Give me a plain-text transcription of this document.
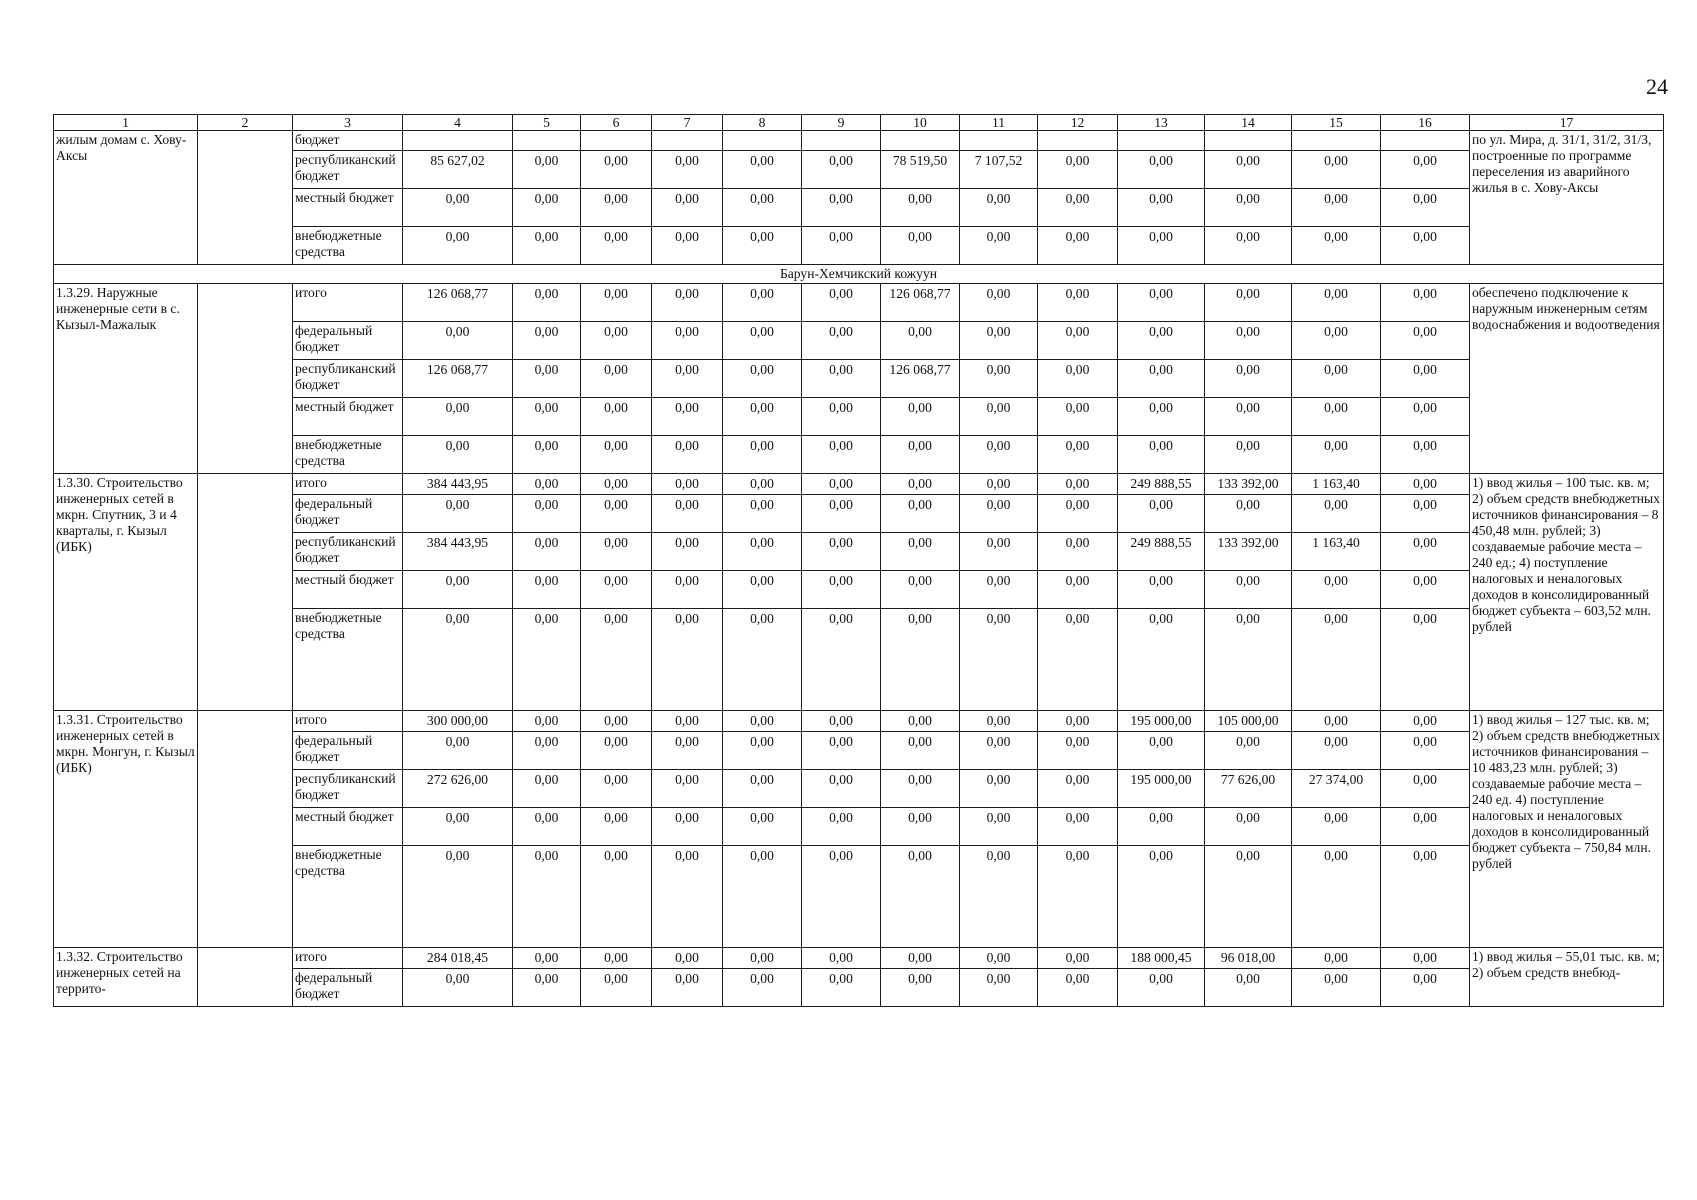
24
1	2	3	4	5	6	7	8	9	10	11	12	13	14	15	16	17
жилым домам с. Хову-Аксы		бюджет														по ул. Мира, д. 31/1, 31/2, 31/3, построенные по программе переселения из аварийного жилья в с. Хову-Аксы
		республиканский бюджет	85 627,02	0,00	0,00	0,00	0,00	0,00	78 519,50	7 107,52	0,00	0,00	0,00	0,00	0,00	
		местный бюджет	0,00	0,00	0,00	0,00	0,00	0,00	0,00	0,00	0,00	0,00	0,00	0,00	0,00	
		внебюджетные средства	0,00	0,00	0,00	0,00	0,00	0,00	0,00	0,00	0,00	0,00	0,00	0,00	0,00	
Барун-Хемчикский кожуун																
1.3.29. Наружные инженерные сети в с. Кызыл-Мажалык		итого	126 068,77	0,00	0,00	0,00	0,00	0,00	126 068,77	0,00	0,00	0,00	0,00	0,00	0,00	обеспечено подключение к наружным инженерным сетям водоснабжения и водоотведения
		федеральный бюджет	0,00	0,00	0,00	0,00	0,00	0,00	0,00	0,00	0,00	0,00	0,00	0,00	0,00	
		республиканский бюджет	126 068,77	0,00	0,00	0,00	0,00	0,00	126 068,77	0,00	0,00	0,00	0,00	0,00	0,00	
		местный бюджет	0,00	0,00	0,00	0,00	0,00	0,00	0,00	0,00	0,00	0,00	0,00	0,00	0,00	
		внебюджетные средства	0,00	0,00	0,00	0,00	0,00	0,00	0,00	0,00	0,00	0,00	0,00	0,00	0,00	
1.3.30. Строительство инженерных сетей в мкрн. Спутник, 3 и 4 кварталы, г. Кызыл (ИБК)		итого	384 443,95	0,00	0,00	0,00	0,00	0,00	0,00	0,00	0,00	249 888,55	133 392,00	1 163,40	0,00	1) ввод жилья – 100 тыс. кв. м; 2) объем средств внебюджетных источников финансирования – 8 450,48 млн. рублей; 3) создаваемые рабочие места – 240 ед.; 4) поступление налоговых и неналоговых доходов в консолидированный бюджет субъекта – 603,52 млн. рублей
		федеральный бюджет	0,00	0,00	0,00	0,00	0,00	0,00	0,00	0,00	0,00	0,00	0,00	0,00	0,00	
		республиканский бюджет	384 443,95	0,00	0,00	0,00	0,00	0,00	0,00	0,00	0,00	249 888,55	133 392,00	1 163,40	0,00	
		местный бюджет	0,00	0,00	0,00	0,00	0,00	0,00	0,00	0,00	0,00	0,00	0,00	0,00	0,00	
		внебюджетные средства	0,00	0,00	0,00	0,00	0,00	0,00	0,00	0,00	0,00	0,00	0,00	0,00	0,00	
1.3.31. Строительство инженерных сетей в мкрн. Монгун, г. Кызыл (ИБК)		итого	300 000,00	0,00	0,00	0,00	0,00	0,00	0,00	0,00	0,00	195 000,00	105 000,00	0,00	0,00	1) ввод жилья – 127 тыс. кв. м; 2) объем средств внебюджетных источников финансирования – 10 483,23 млн. рублей; 3) создаваемые рабочие места – 240 ед. 4) поступление налоговых и неналоговых доходов в консолидированный бюджет субъекта – 750,84 млн. рублей
		федеральный бюджет	0,00	0,00	0,00	0,00	0,00	0,00	0,00	0,00	0,00	0,00	0,00	0,00	0,00	
		республиканский бюджет	272 626,00	0,00	0,00	0,00	0,00	0,00	0,00	0,00	0,00	195 000,00	77 626,00	27 374,00	0,00	
		местный бюджет	0,00	0,00	0,00	0,00	0,00	0,00	0,00	0,00	0,00	0,00	0,00	0,00	0,00	
		внебюджетные средства	0,00	0,00	0,00	0,00	0,00	0,00	0,00	0,00	0,00	0,00	0,00	0,00	0,00	
1.3.32. Строительство инженерных сетей на террито-		итого	284 018,45	0,00	0,00	0,00	0,00	0,00	0,00	0,00	0,00	188 000,45	96 018,00	0,00	0,00	1) ввод жилья – 55,01 тыс. кв. м; 2) объем средств внебюд-
		федеральный бюджет	0,00	0,00	0,00	0,00	0,00	0,00	0,00	0,00	0,00	0,00	0,00	0,00	0,00	
